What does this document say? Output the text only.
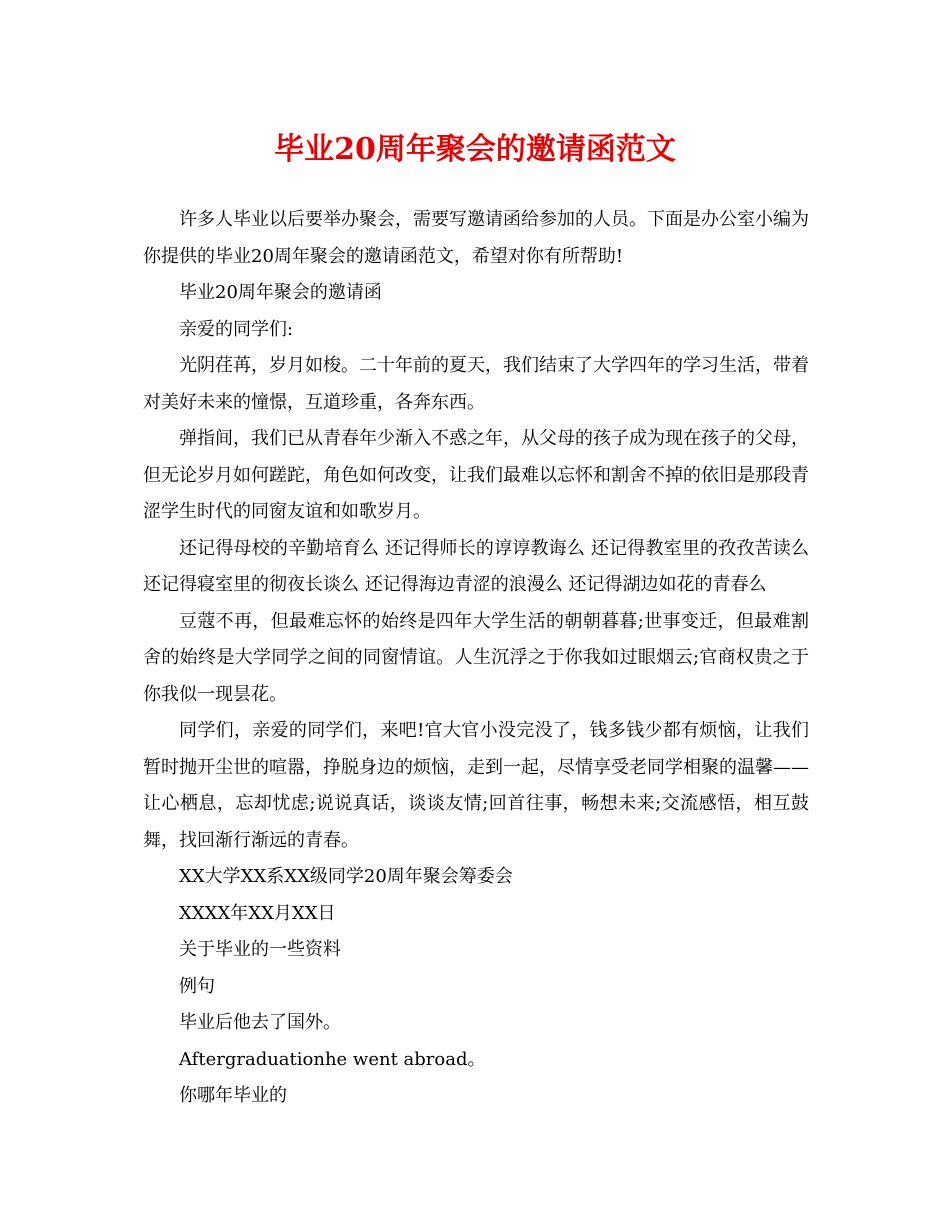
毕业20周年聚会的邀请函范文

许多人毕业以后要举办聚会，需要写邀请函给参加的人员。下面是办公室小编为你提供的毕业20周年聚会的邀请函范文，希望对你有所帮助!

毕业20周年聚会的邀请函

亲爱的同学们:

光阴荏苒，岁月如梭。二十年前的夏天，我们结束了大学四年的学习生活，带着对美好未来的憧憬，互道珍重，各奔东西。

弹指间，我们已从青春年少渐入不惑之年，从父母的孩子成为现在孩子的父母，但无论岁月如何蹉跎，角色如何改变，让我们最难以忘怀和割舍不掉的依旧是那段青涩学生时代的同窗友谊和如歌岁月。

还记得母校的辛勤培育么 还记得师长的谆谆教诲么 还记得教室里的孜孜苦读么 还记得寝室里的彻夜长谈么 还记得海边青涩的浪漫么 还记得湖边如花的青春么

豆蔻不再，但最难忘怀的始终是四年大学生活的朝朝暮暮;世事变迁，但最难割舍的始终是大学同学之间的同窗情谊。人生沉浮之于你我如过眼烟云;官商权贵之于你我似一现昙花。

同学们，亲爱的同学们，来吧!官大官小没完没了，钱多钱少都有烦恼，让我们暂时抛开尘世的喧嚣，挣脱身边的烦恼，走到一起，尽情享受老同学相聚的温馨——让心栖息，忘却忧虑;说说真话，谈谈友情;回首往事，畅想未来;交流感悟，相互鼓舞，找回渐行渐远的青春。

XX大学XX系XX级同学20周年聚会筹委会

XXXX年XX月XX日

关于毕业的一些资料

例句

毕业后他去了国外。

Aftergraduationhe went abroad。

你哪年毕业的
